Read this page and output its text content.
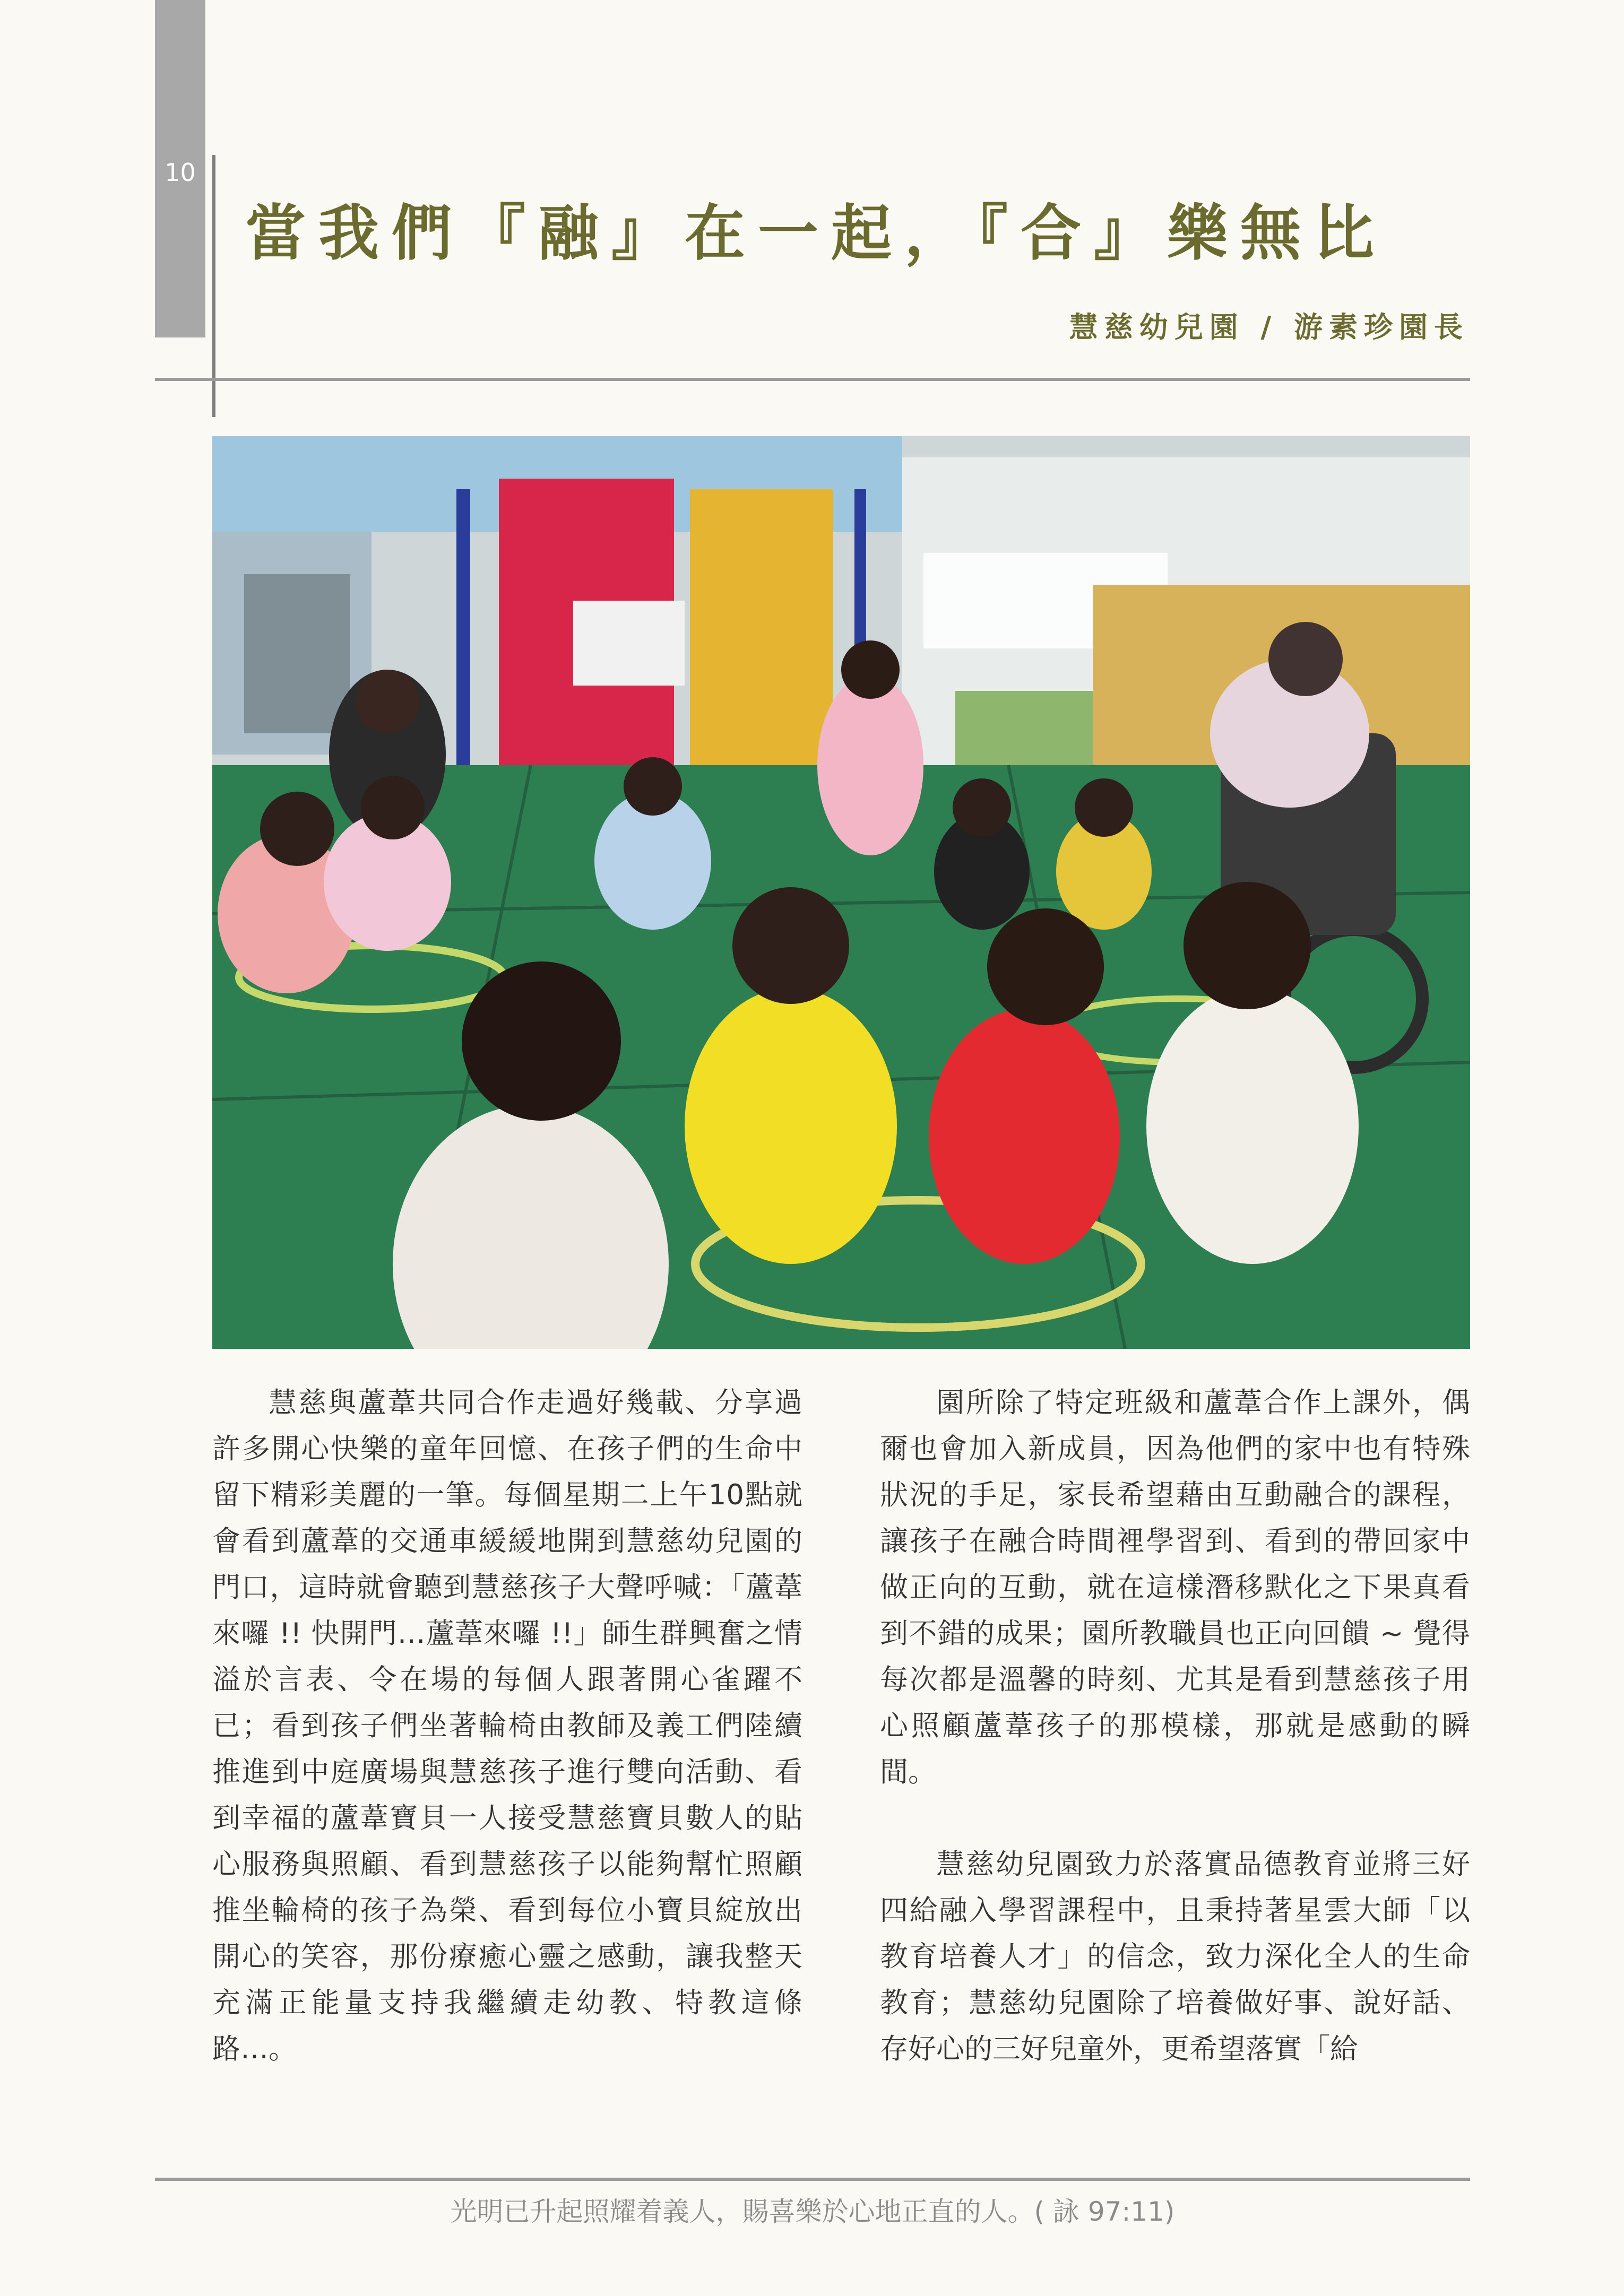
10
當我們『融』在一起，『合』樂無比
慧慈幼兒園 / 游素珍園長

慧慈與蘆葦共同合作走過好幾載、分享過許多開心快樂的童年回憶、在孩子們的生命中留下精彩美麗的一筆。每個星期二上午10點就會看到蘆葦的交通車緩緩地開到慧慈幼兒園的門口，這時就會聽到慧慈孩子大聲呼喊：「蘆葦來囉 !! 快開門…蘆葦來囉 !!」師生群興奮之情溢於言表、令在場的每個人跟著開心雀躍不已；看到孩子們坐著輪椅由教師及義工們陸續推進到中庭廣場與慧慈孩子進行雙向活動、看到幸福的蘆葦寶貝一人接受慧慈寶貝數人的貼心服務與照顧、看到慧慈孩子以能夠幫忙照顧推坐輪椅的孩子為榮、看到每位小寶貝綻放出開心的笑容，那份療癒心靈之感動，讓我整天充滿正能量支持我繼續走幼教、特教這條路…。

園所除了特定班級和蘆葦合作上課外，偶爾也會加入新成員，因為他們的家中也有特殊狀況的手足，家長希望藉由互動融合的課程，讓孩子在融合時間裡學習到、看到的帶回家中做正向的互動，就在這樣潛移默化之下果真看到不錯的成果；園所教職員也正向回饋 ~ 覺得每次都是溫馨的時刻、尤其是看到慧慈孩子用心照顧蘆葦孩子的那模樣，那就是感動的瞬間。

慧慈幼兒園致力於落實品德教育並將三好四給融入學習課程中，且秉持著星雲大師「以教育培養人才」的信念，致力深化全人的生命教育；慧慈幼兒園除了培養做好事、說好話、存好心的三好兒童外，更希望落實「給

光明已升起照耀着義人，賜喜樂於心地正直的人。( 詠 97:11)
